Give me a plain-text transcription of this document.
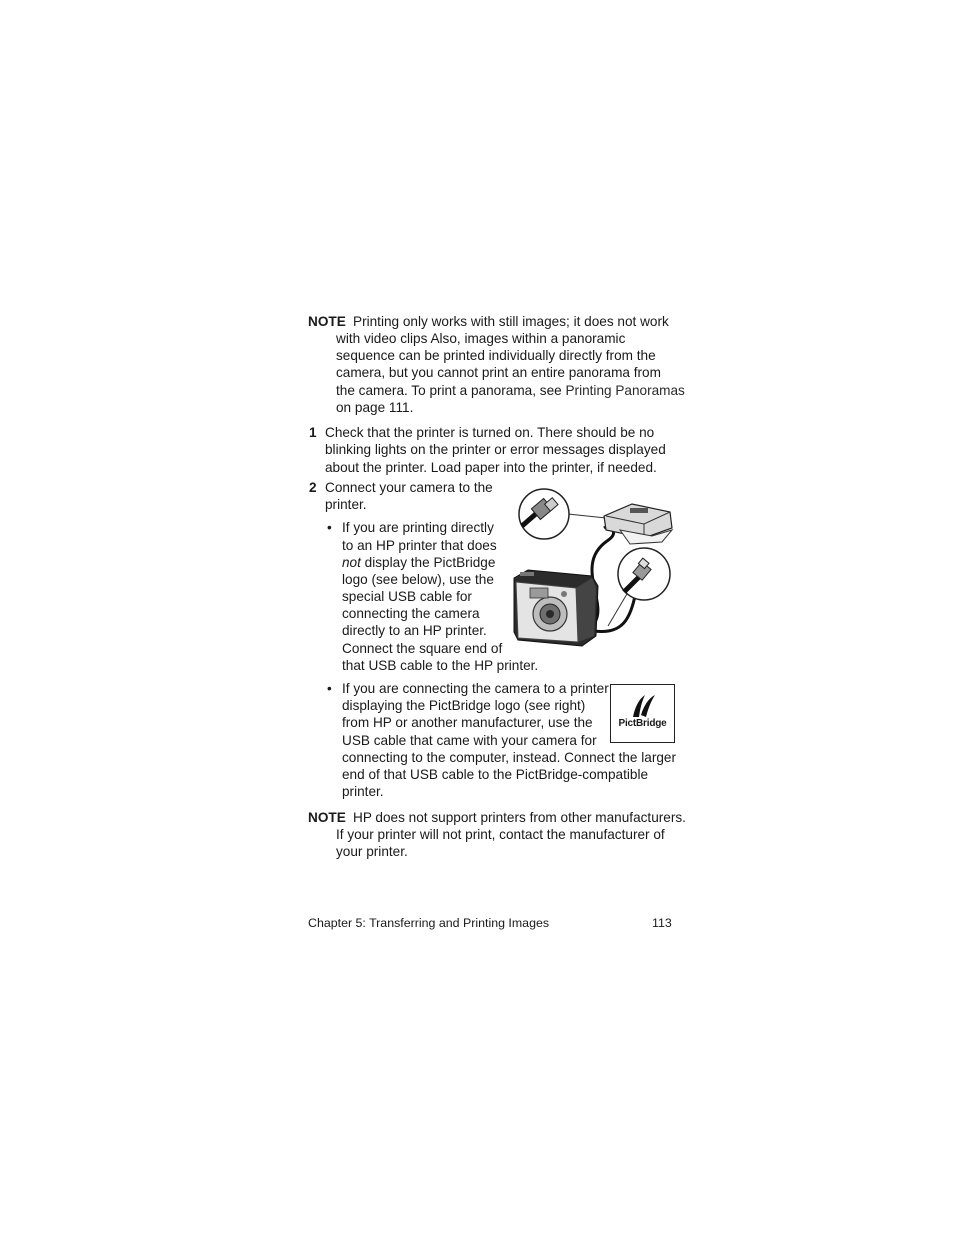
NOTE Printing only works with still images; it does not work
with video clips Also, images within a panoramic
sequence can be printed individually directly from the
camera, but you cannot print an entire panorama from
the camera. To print a panorama, see Printing Panoramas
on page 111.
1 Check that the printer is turned on. There should be no
blinking lights on the printer or error messages displayed
about the printer. Load paper into the printer, if needed.
2 Connect your camera to the
printer.
• If you are printing directly
to an HP printer that does
not display the PictBridge
logo (see below), use the
special USB cable for
connecting the camera
directly to an HP printer.
Connect the square end of
that USB cable to the HP printer.
• If you are connecting the camera to a printer
displaying the PictBridge logo (see right)
from HP or another manufacturer, use the
USB cable that came with your camera for
connecting to the computer, instead. Connect the larger
end of that USB cable to the PictBridge-compatible
printer.
PictBridge
NOTE HP does not support printers from other manufacturers.
If your printer will not print, contact the manufacturer of
your printer.
Chapter 5: Transferring and Printing Images	113
